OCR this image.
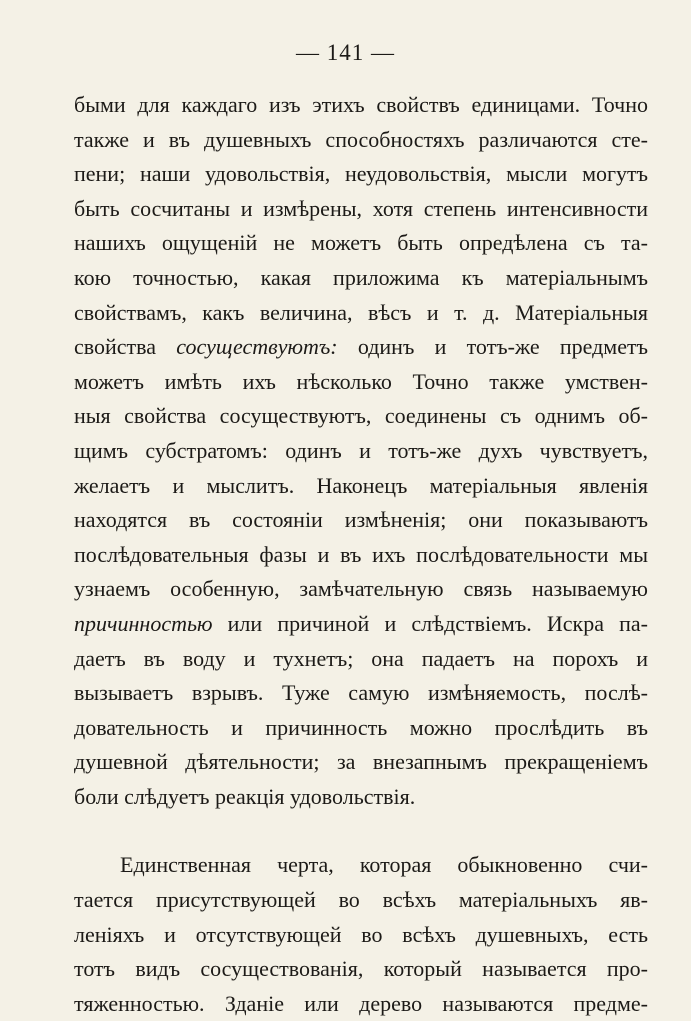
— 141 —
быми для каждаго изъ этихъ свойствъ единицами. Точно
также и въ душевныхъ способностяхъ различаются сте-
пени; наши удовольствія, неудовольствія, мысли могутъ
быть сосчитаны и измѣрены, хотя степень интенсивности
нашихъ ощущеній не можетъ быть опредѣлена съ та-
кою точностью, какая приложима къ матеріальнымъ
свойствамъ, какъ величина, вѣсъ и т. д. Матеріальныя
свойства сосуществуютъ: одинъ и тотъ-же предметъ
можетъ имѣть ихъ нѣсколько Точно также умствен-
ныя свойства сосуществуютъ, соединены съ однимъ об-
щимъ субстратомъ: одинъ и тотъ-же духъ чувствуетъ,
желаетъ и мыслитъ. Наконецъ матеріальныя явленія
находятся въ состояніи измѣненія; они показываютъ
послѣдовательныя фазы и въ ихъ послѣдовательности мы
узнаемъ особенную, замѣчательную связь называемую
причинностью или причиной и слѣдствіемъ. Искра па-
даетъ въ воду и тухнетъ; она падаетъ на порохъ и
вызываетъ взрывъ. Туже самую измѣняемость, послѣ-
довательность и причинность можно прослѣдить въ
душевной дѣятельности; за внезапнымъ прекращеніемъ
боли слѣдуетъ реакція удовольствія.
Единственная черта, которая обыкновенно счи-
тается присутствующей во всѣхъ матеріальныхъ яв-
леніяхъ и отсутствующей во всѣхъ душевныхъ, есть
тотъ видъ сосуществованія, который называется про-
тяженностью. Зданіе или дерево называются предме-
